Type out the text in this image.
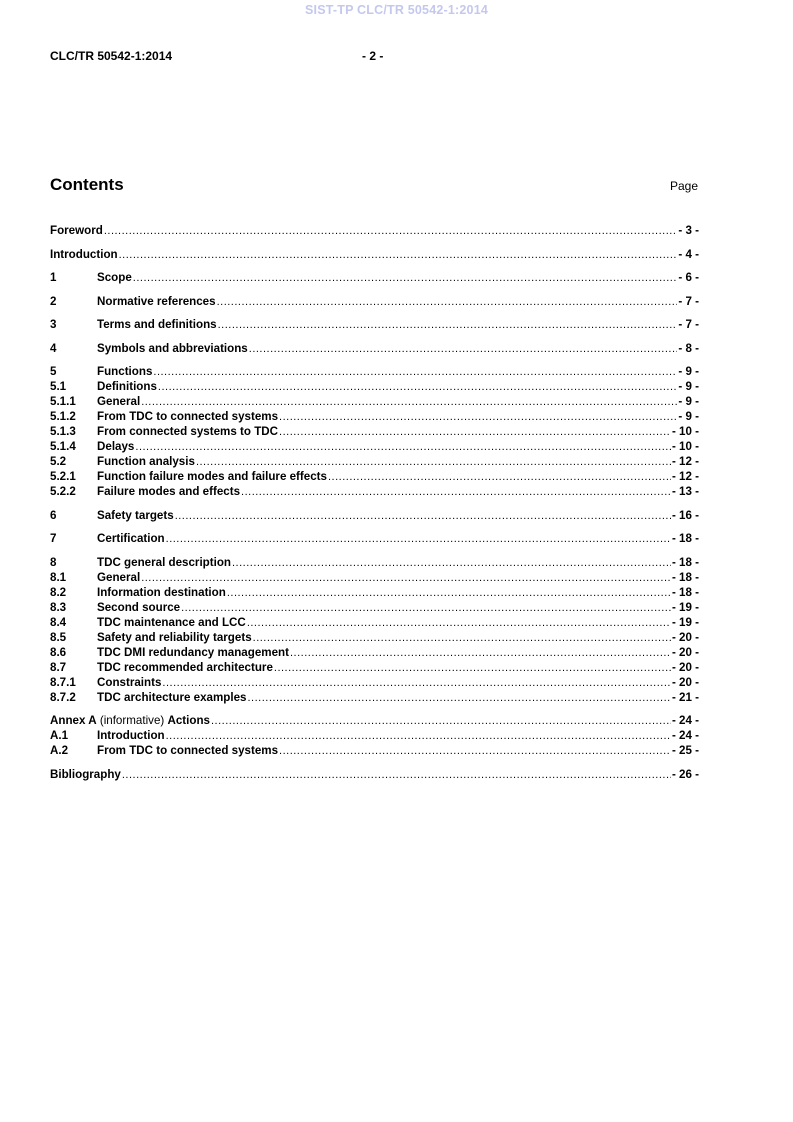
SIST-TP CLC/TR 50542-1:2014
CLC/TR 50542-1:2014	- 2 -
Contents	Page
Foreword .....	- 3 -
Introduction .....	- 4 -
1	Scope .....	- 6 -
2	Normative references .....	- 7 -
3	Terms and definitions .....	- 7 -
4	Symbols and abbreviations .....	- 8 -
5	Functions .....	- 9 -
5.1	Definitions .....	- 9 -
5.1.1	General .....	- 9 -
5.1.2	From TDC to connected systems .....	- 9 -
5.1.3	From connected systems to TDC .....	- 10 -
5.1.4	Delays .....	- 10 -
5.2	Function analysis .....	- 12 -
5.2.1	Function failure modes and failure effects .....	- 12 -
5.2.2	Failure modes and effects .....	- 13 -
6	Safety targets .....	- 16 -
7	Certification .....	- 18 -
8	TDC general description .....	- 18 -
8.1	General .....	- 18 -
8.2	Information destination .....	- 18 -
8.3	Second source .....	- 19 -
8.4	TDC maintenance and LCC .....	- 19 -
8.5	Safety and reliability targets .....	- 20 -
8.6	TDC DMI redundancy management .....	- 20 -
8.7	TDC recommended architecture .....	- 20 -
8.7.1	Constraints .....	- 20 -
8.7.2	TDC architecture examples .....	- 21 -
Annex A (informative) Actions .....	- 24 -
A.1	Introduction .....	- 24 -
A.2	From TDC to connected systems .....	- 25 -
Bibliography .....	- 26 -
